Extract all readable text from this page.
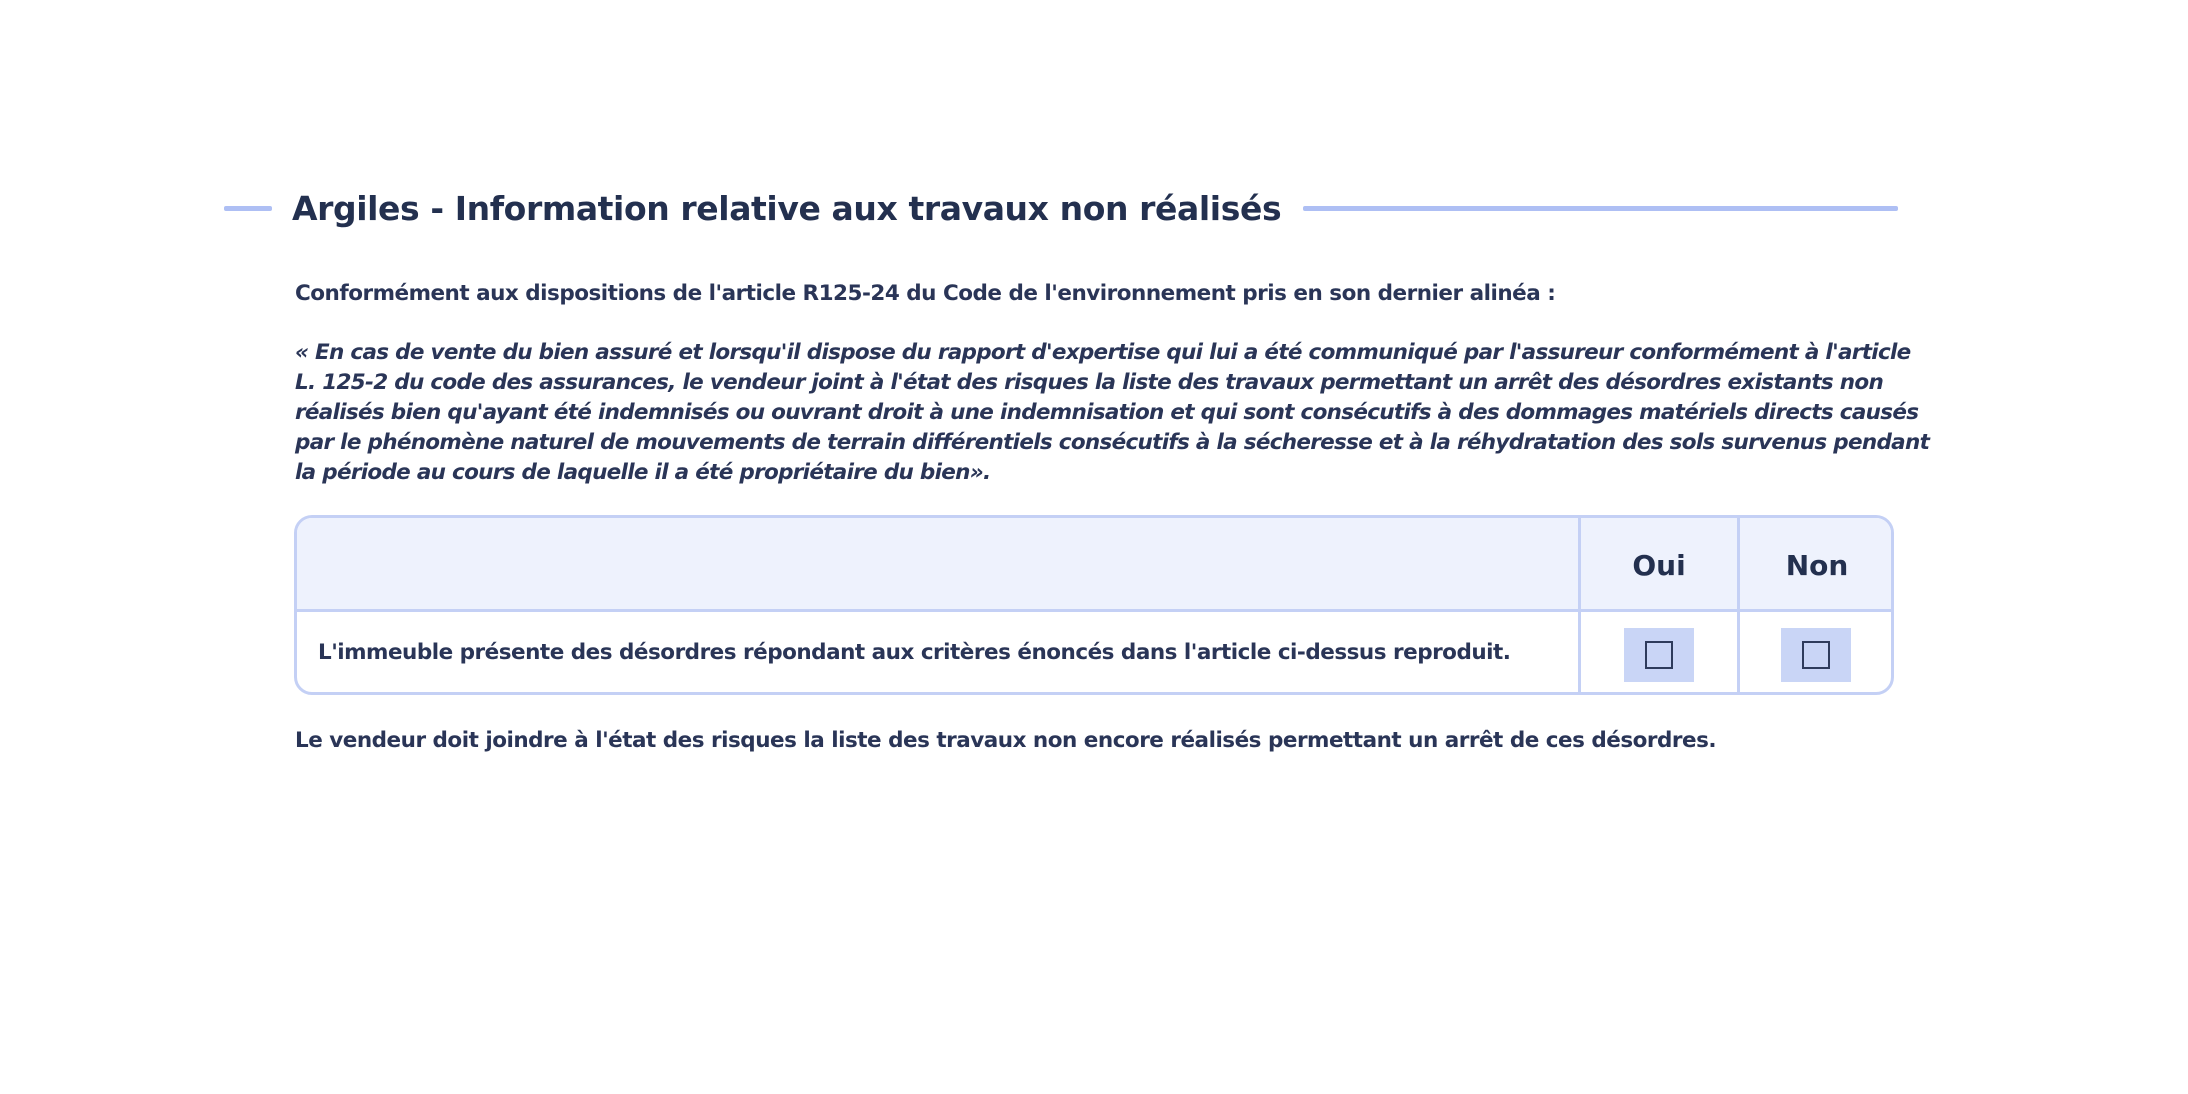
Argiles - Information relative aux travaux non réalisés
Conformément aux dispositions de l'article R125-24 du Code de l'environnement pris en son dernier alinéa :
« En cas de vente du bien assuré et lorsqu'il dispose du rapport d'expertise qui lui a été communiqué par l'assureur conformément à l'article
L. 125-2 du code des assurances, le vendeur joint à l'état des risques la liste des travaux permettant un arrêt des désordres existants non
réalisés bien qu'ayant été indemnisés ou ouvrant droit à une indemnisation et qui sont consécutifs à des dommages matériels directs causés
par le phénomène naturel de mouvements de terrain différentiels consécutifs à la sécheresse et à la réhydratation des sols survenus pendant
la période au cours de laquelle il a été propriétaire du bien».
Oui	Non
L'immeuble présente des désordres répondant aux critères énoncés dans l'article ci-dessus reproduit.
Le vendeur doit joindre à l'état des risques la liste des travaux non encore réalisés permettant un arrêt de ces désordres.
